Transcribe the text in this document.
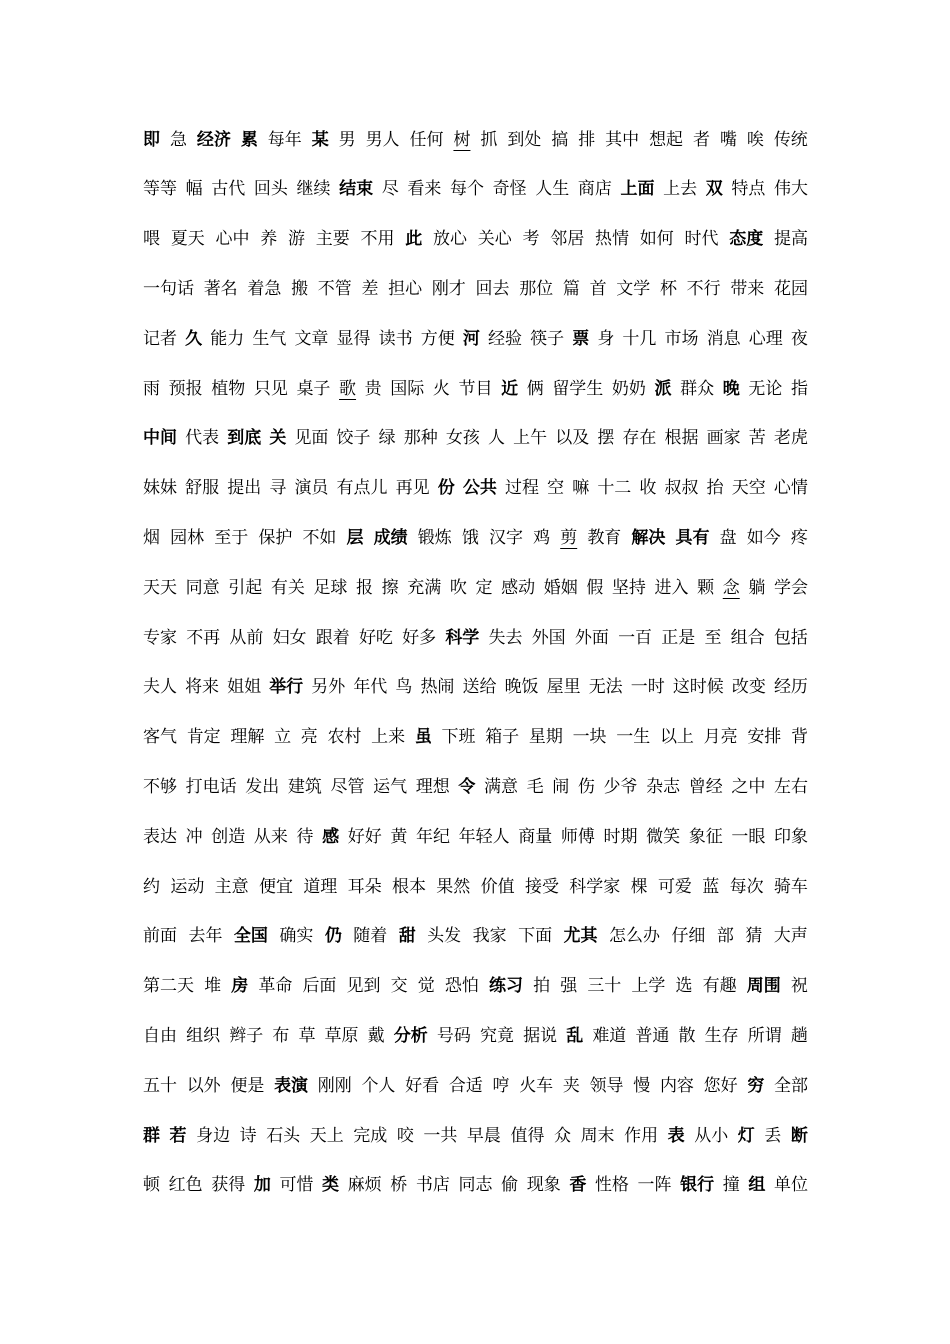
即 急 经济 累 每年 某 男 男人 任何 树 抓 到处 搞 排 其中 想起 者 嘴 唉 传统
等等 幅 古代 回头 继续 结束 尽 看来 每个 奇怪 人生 商店 上面 上去 双 特点 伟大
喂 夏天 心中 养 游 主要 不用 此 放心 关心 考 邻居 热情 如何 时代 态度 提高
一句话 著名 着急 搬 不管 差 担心 刚才 回去 那位 篇 首 文学 杯 不行 带来 花园
记者 久 能力 生气 文章 显得 读书 方便 河 经验 筷子 票 身 十几 市场 消息 心理 夜
雨 预报 植物 只见 桌子 歌 贵 国际 火 节目 近 俩 留学生 奶奶 派 群众 晚 无论 指
中间 代表 到底 关 见面 饺子 绿 那种 女孩 人 上午 以及 摆 存在 根据 画家 苦 老虎
妹妹 舒服 提出 寻 演员 有点儿 再见 份 公共 过程 空 嘛 十二 收 叔叔 抬 天空 心情
烟 园林 至于 保护 不如 层 成绩 锻炼 饿 汉字 鸡 剪 教育 解决 具有 盘 如今 疼
天天 同意 引起 有关 足球 报 擦 充满 吹 定 感动 婚姻 假 坚持 进入 颗 念 躺 学会
专家 不再 从前 妇女 跟着 好吃 好多 科学 失去 外国 外面 一百 正是 至 组合 包括
夫人 将来 姐姐 举行 另外 年代 鸟 热闹 送给 晚饭 屋里 无法 一时 这时候 改变 经历
客气 肯定 理解 立 亮 农村 上来 虽 下班 箱子 星期 一块 一生 以上 月亮 安排 背
不够 打电话 发出 建筑 尽管 运气 理想 令 满意 毛 闹 伤 少爷 杂志 曾经 之中 左右
表达 冲 创造 从来 待 感 好好 黄 年纪 年轻人 商量 师傅 时期 微笑 象征 一眼 印象
约 运动 主意 便宜 道理 耳朵 根本 果然 价值 接受 科学家 棵 可爱 蓝 每次 骑车
前面 去年 全国 确实 仍 随着 甜 头发 我家 下面 尤其 怎么办 仔细 部 猜 大声
第二天 堆 房 革命 后面 见到 交 觉 恐怕 练习 拍 强 三十 上学 选 有趣 周围 祝
自由 组织 辫子 布 草 草原 戴 分析 号码 究竟 据说 乱 难道 普通 散 生存 所谓 趟
五十 以外 便是 表演 刚刚 个人 好看 合适 哼 火车 夹 领导 慢 内容 您好 穷 全部
群 若 身边 诗 石头 天上 完成 咬 一共 早晨 值得 众 周末 作用 表 从小 灯 丢 断
顿 红色 获得 加 可惜 类 麻烦 桥 书店 同志 偷 现象 香 性格 一阵 银行 撞 组 单位
